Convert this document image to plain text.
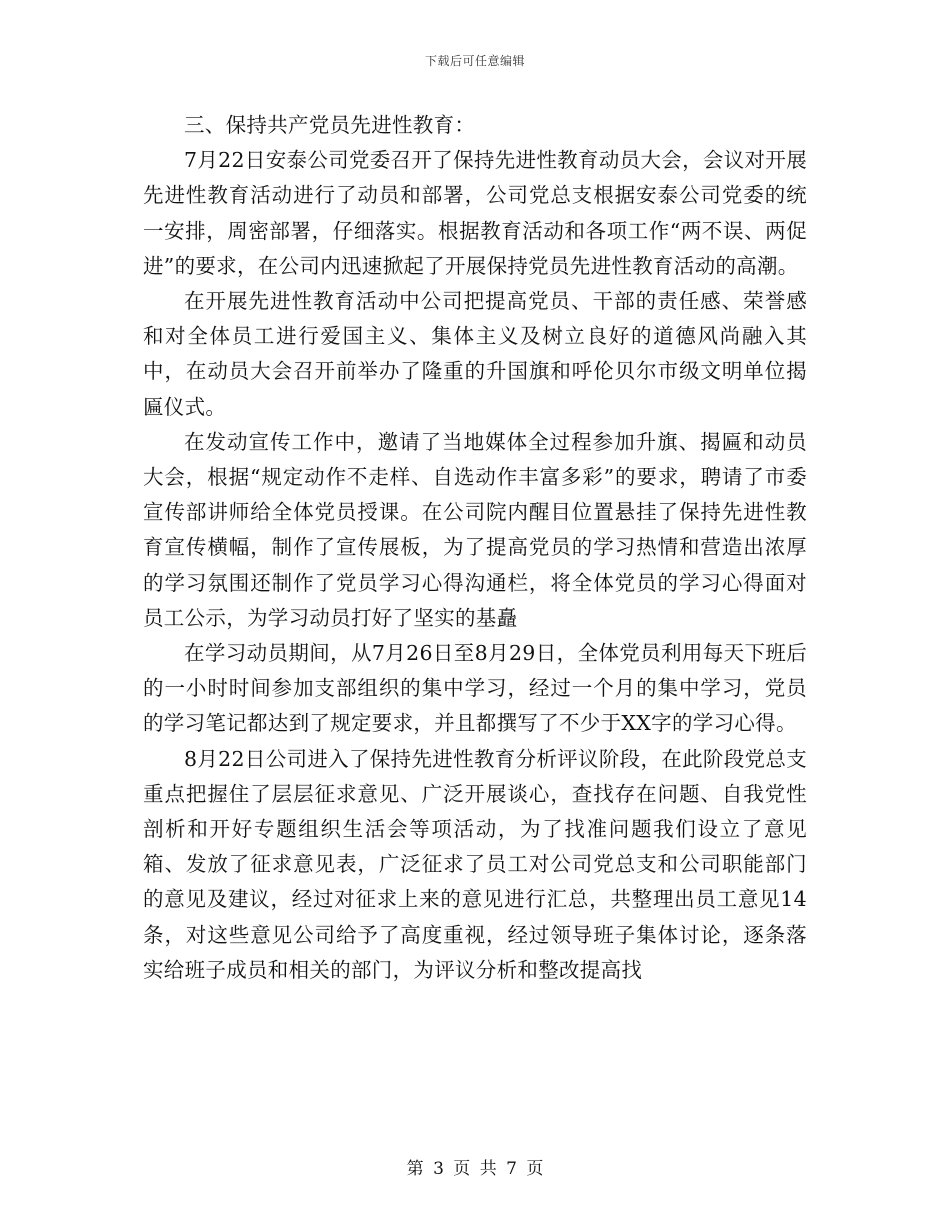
下载后可任意编辑

三、保持共产党员先进性教育：

7月22日安泰公司党委召开了保持先进性教育动员大会，会议对开展先进性教育活动进行了动员和部署，公司党总支根据安泰公司党委的统一安排，周密部署，仔细落实。根据教育活动和各项工作“两不误、两促进”的要求，在公司内迅速掀起了开展保持党员先进性教育活动的高潮。

在开展先进性教育活动中公司把提高党员、干部的责任感、荣誉感和对全体员工进行爱国主义、集体主义及树立良好的道德风尚融入其中，在动员大会召开前举办了隆重的升国旗和呼伦贝尔市级文明单位揭匾仪式。

在发动宣传工作中，邀请了当地媒体全过程参加升旗、揭匾和动员大会，根据“规定动作不走样、自选动作丰富多彩”的要求，聘请了市委宣传部讲师给全体党员授课。在公司院内醒目位置悬挂了保持先进性教育宣传横幅，制作了宣传展板，为了提高党员的学习热情和营造出浓厚的学习氛围还制作了党员学习心得沟通栏，将全体党员的学习心得面对员工公示，为学习动员打好了坚实的基矗

在学习动员期间，从7月26日至8月29日，全体党员利用每天下班后的一小时时间参加支部组织的集中学习，经过一个月的集中学习，党员的学习笔记都达到了规定要求，并且都撰写了不少于XX字的学习心得。

8月22日公司进入了保持先进性教育分析评议阶段，在此阶段党总支重点把握住了层层征求意见、广泛开展谈心，查找存在问题、自我党性剖析和开好专题组织生活会等项活动，为了找准问题我们设立了意见箱、发放了征求意见表，广泛征求了员工对公司党总支和公司职能部门的意见及建议，经过对征求上来的意见进行汇总，共整理出员工意见14条，对这些意见公司给予了高度重视，经过领导班子集体讨论，逐条落实给班子成员和相关的部门，为评议分析和整改提高找

第 3 页 共 7 页
